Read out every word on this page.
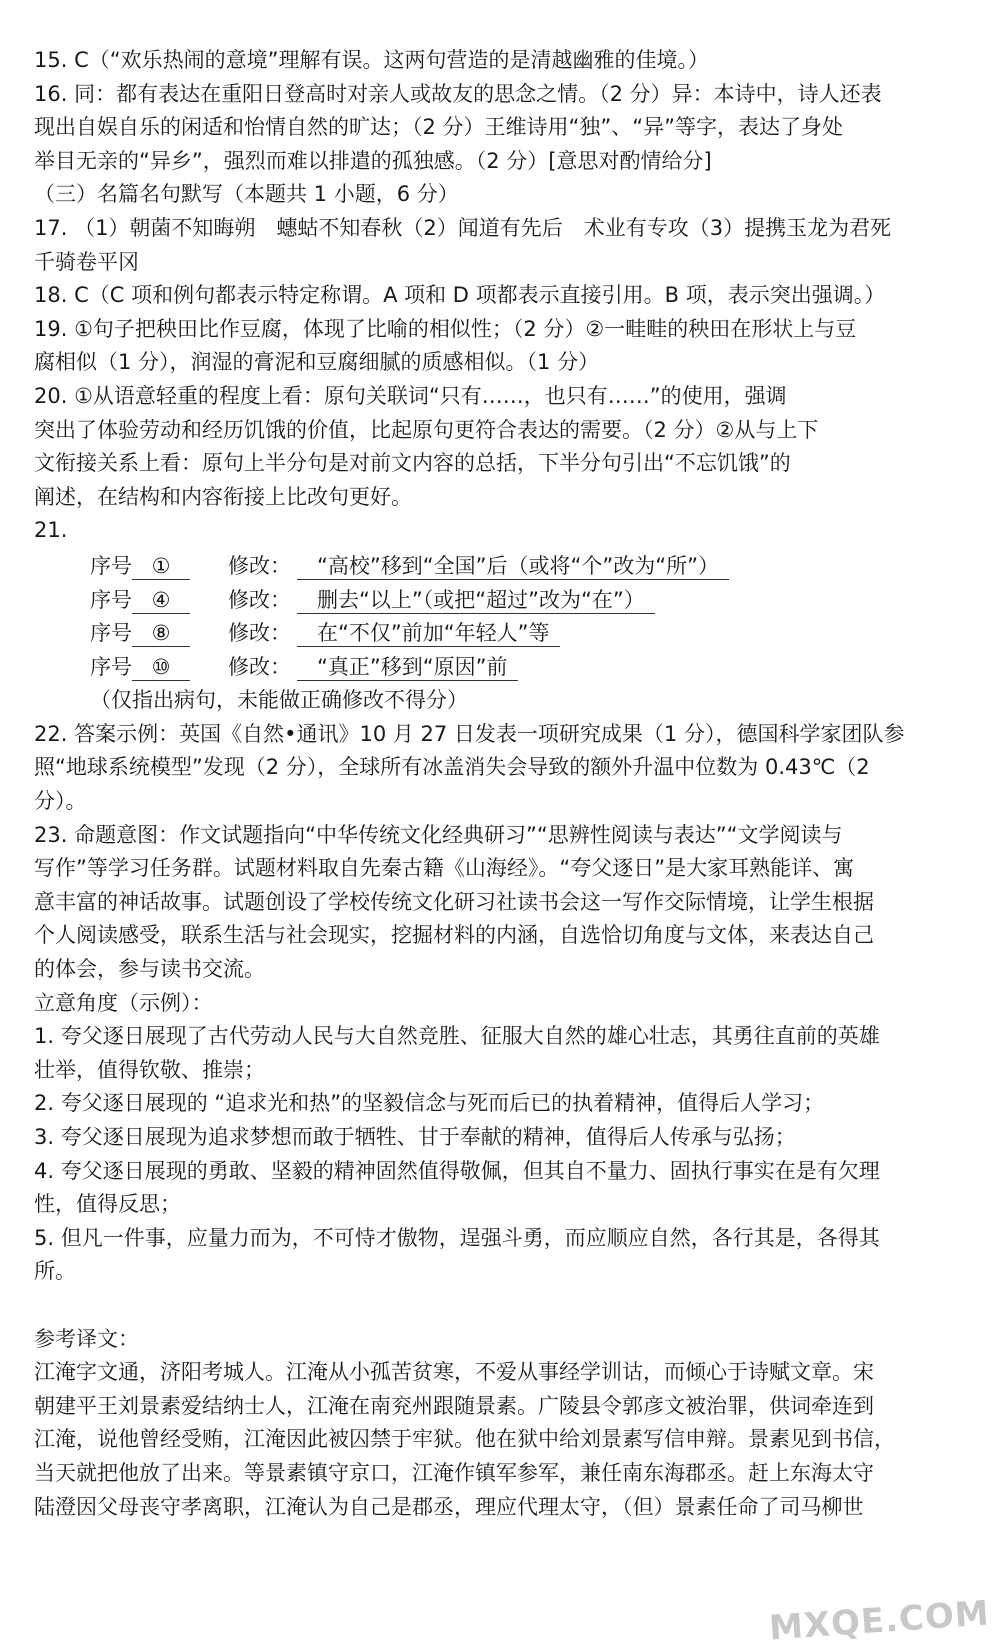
15. C（“欢乐热闹的意境”理解有误。这两句营造的是清越幽雅的佳境。）

16. 同：都有表达在重阳日登高时对亲人或故友的思念之情。（2 分）异：本诗中，诗人还表

现出自娱自乐的闲适和怡情自然的旷达；（2 分）王维诗用“独”、“异”等字，表达了身处

举目无亲的“异乡”，强烈而难以排遣的孤独感。（2 分）[意思对酌情给分]

（三）名篇名句默写（本题共 1 小题，6 分）

17. （1）朝菌不知晦朔　蟪蛄不知春秋（2）闻道有先后　术业有专攻（3）提携玉龙为君死

千骑卷平冈

18. C（C 项和例句都表示特定称谓。A 项和 D 项都表示直接引用。B 项，表示突出强调。）

19. ①句子把秧田比作豆腐，体现了比喻的相似性；（2 分）②一畦畦的秧田在形状上与豆

腐相似（1 分），润湿的膏泥和豆腐细腻的质感相似。（1 分）

20. ①从语意轻重的程度上看：原句关联词“只有……，也只有……”的使用，强调

突出了体验劳动和经历饥饿的价值，比起原句更符合表达的需要。（2 分）②从与上下

文衔接关系上看：原句上半分句是对前文内容的总括，下半分句引出“不忘饥饿”的

阐述，在结构和内容衔接上比改句更好。

21.

序号 ①	修改：	“高校”移到“全国”后（或将“个”改为“所”）
序号 ④	修改：	删去“以上”（或把“超过”改为“在”）
序号 ⑧	修改：	在“不仅”前加“年轻人”等
序号 ⑩	修改：	“真正”移到“原因”前
（仅指出病句，未能做正确修改不得分）

22. 答案示例：英国《自然•通讯》10 月 27 日发表一项研究成果（1 分），德国科学家团队参

照“地球系统模型”发现（2 分），全球所有冰盖消失会导致的额外升温中位数为 0.43℃（2

分）。

23. 命题意图：作文试题指向“中华传统文化经典研习”“思辨性阅读与表达”“文学阅读与

写作”等学习任务群。试题材料取自先秦古籍《山海经》。“夸父逐日”是大家耳熟能详、寓

意丰富的神话故事。试题创设了学校传统文化研习社读书会这一写作交际情境，让学生根据

个人阅读感受，联系生活与社会现实，挖掘材料的内涵，自选恰切角度与文体，来表达自己

的体会，参与读书交流。

立意角度（示例）：

1. 夸父逐日展现了古代劳动人民与大自然竞胜、征服大自然的雄心壮志，其勇往直前的英雄

壮举，值得钦敬、推崇；

2. 夸父逐日展现的 “追求光和热”的坚毅信念与死而后已的执着精神，值得后人学习；

3. 夸父逐日展现为追求梦想而敢于牺牲、甘于奉献的精神，值得后人传承与弘扬；

4. 夸父逐日展现的勇敢、坚毅的精神固然值得敬佩，但其自不量力、固执行事实在是有欠理

性，值得反思；

5. 但凡一件事，应量力而为，不可恃才傲物，逞强斗勇，而应顺应自然，各行其是，各得其

所。

参考译文：

江淹字文通，济阳考城人。江淹从小孤苦贫寒，不爱从事经学训诂，而倾心于诗赋文章。宋

朝建平王刘景素爱结纳士人，江淹在南兖州跟随景素。广陵县令郭彦文被治罪，供词牵连到

江淹，说他曾经受贿，江淹因此被囚禁于牢狱。他在狱中给刘景素写信申辩。景素见到书信，

当天就把他放了出来。等景素镇守京口，江淹作镇军参军，兼任南东海郡丞。赶上东海太守

陆澄因父母丧守孝离职，江淹认为自己是郡丞，理应代理太守，（但）景素任命了司马柳世

MXQE.COM
